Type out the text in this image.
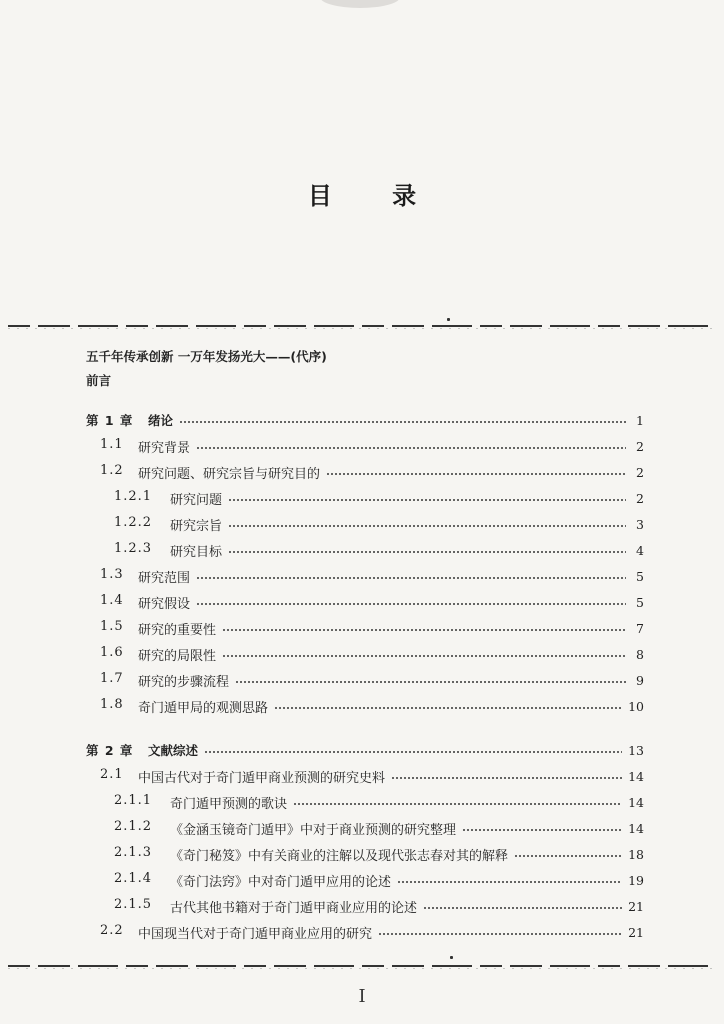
目 录
五千年传承创新 一万年发扬光大——(代序)
前言
第 1 章	绪论	1
1.1	研究背景	2
1.2	研究问题、研究宗旨与研究目的	2
1.2.1	研究问题	2
1.2.2	研究宗旨	3
1.2.3	研究目标	4
1.3	研究范围	5
1.4	研究假设	5
1.5	研究的重要性	7
1.6	研究的局限性	8
1.7	研究的步骤流程	9
1.8	奇门遁甲局的观测思路	10
第 2 章	文献综述	13
2.1	中国古代对于奇门遁甲商业预测的研究史料	14
2.1.1	奇门遁甲预测的歌诀	14
2.1.2	《金涵玉镜奇门遁甲》中对于商业预测的研究整理	14
2.1.3	《奇门秘笈》中有关商业的注解以及现代张志春对其的解释	18
2.1.4	《奇门法窍》中对奇门遁甲应用的论述	19
2.1.5	古代其他书籍对于奇门遁甲商业应用的论述	21
2.2	中国现当代对于奇门遁甲商业应用的研究	21
I
